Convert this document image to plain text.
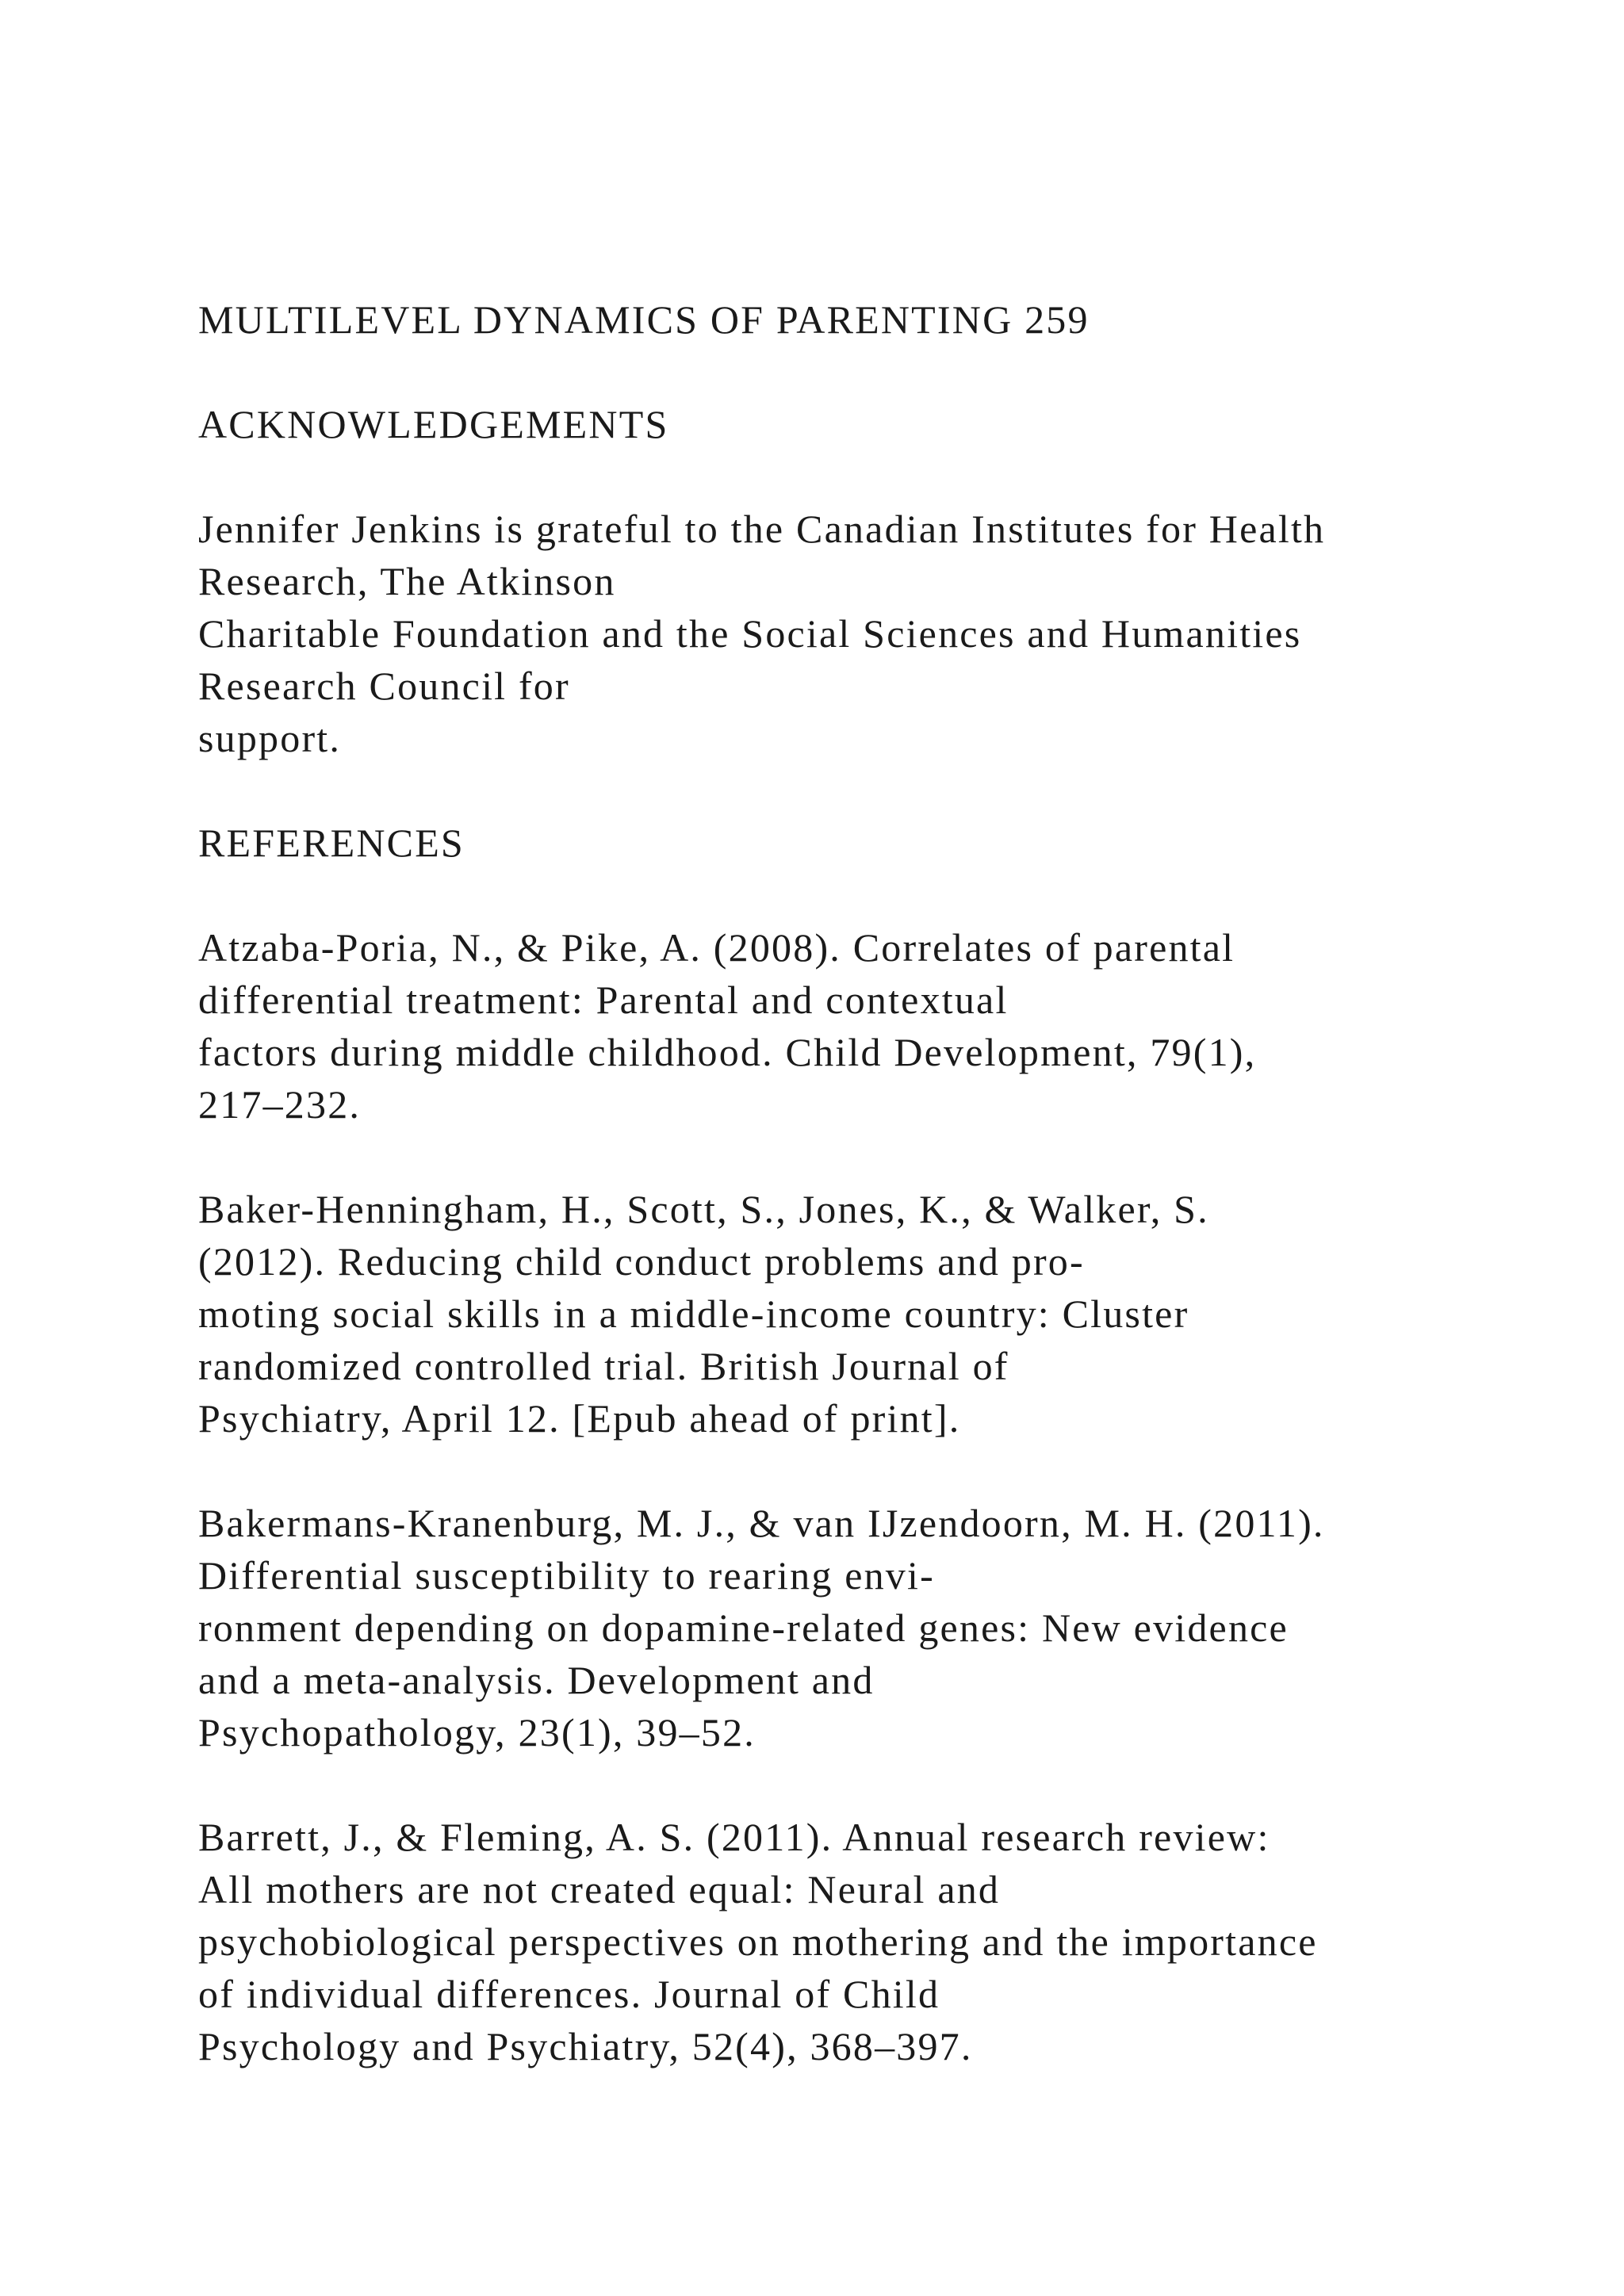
MULTILEVEL DYNAMICS OF PARENTING 259
ACKNOWLEDGEMENTS
Jennifer Jenkins is grateful to the Canadian Institutes for Health
Research, The Atkinson
Charitable Foundation and the Social Sciences and Humanities
Research Council for
support.
REFERENCES
Atzaba-Poria, N., & Pike, A. (2008). Correlates of parental
differential treatment: Parental and contextual
factors during middle childhood. Child Development, 79(1),
217–232.
Baker-Henningham, H., Scott, S., Jones, K., & Walker, S.
(2012). Reducing child conduct problems and pro-
moting social skills in a middle-income country: Cluster
randomized controlled trial. British Journal of
Psychiatry, April 12. [Epub ahead of print].
Bakermans-Kranenburg, M. J., & van IJzendoorn, M. H. (2011).
Differential susceptibility to rearing envi-
ronment depending on dopamine-related genes: New evidence
and a meta-analysis. Development and
Psychopathology, 23(1), 39–52.
Barrett, J., & Fleming, A. S. (2011). Annual research review:
All mothers are not created equal: Neural and
psychobiological perspectives on mothering and the importance
of individual differences. Journal of Child
Psychology and Psychiatry, 52(4), 368–397.
